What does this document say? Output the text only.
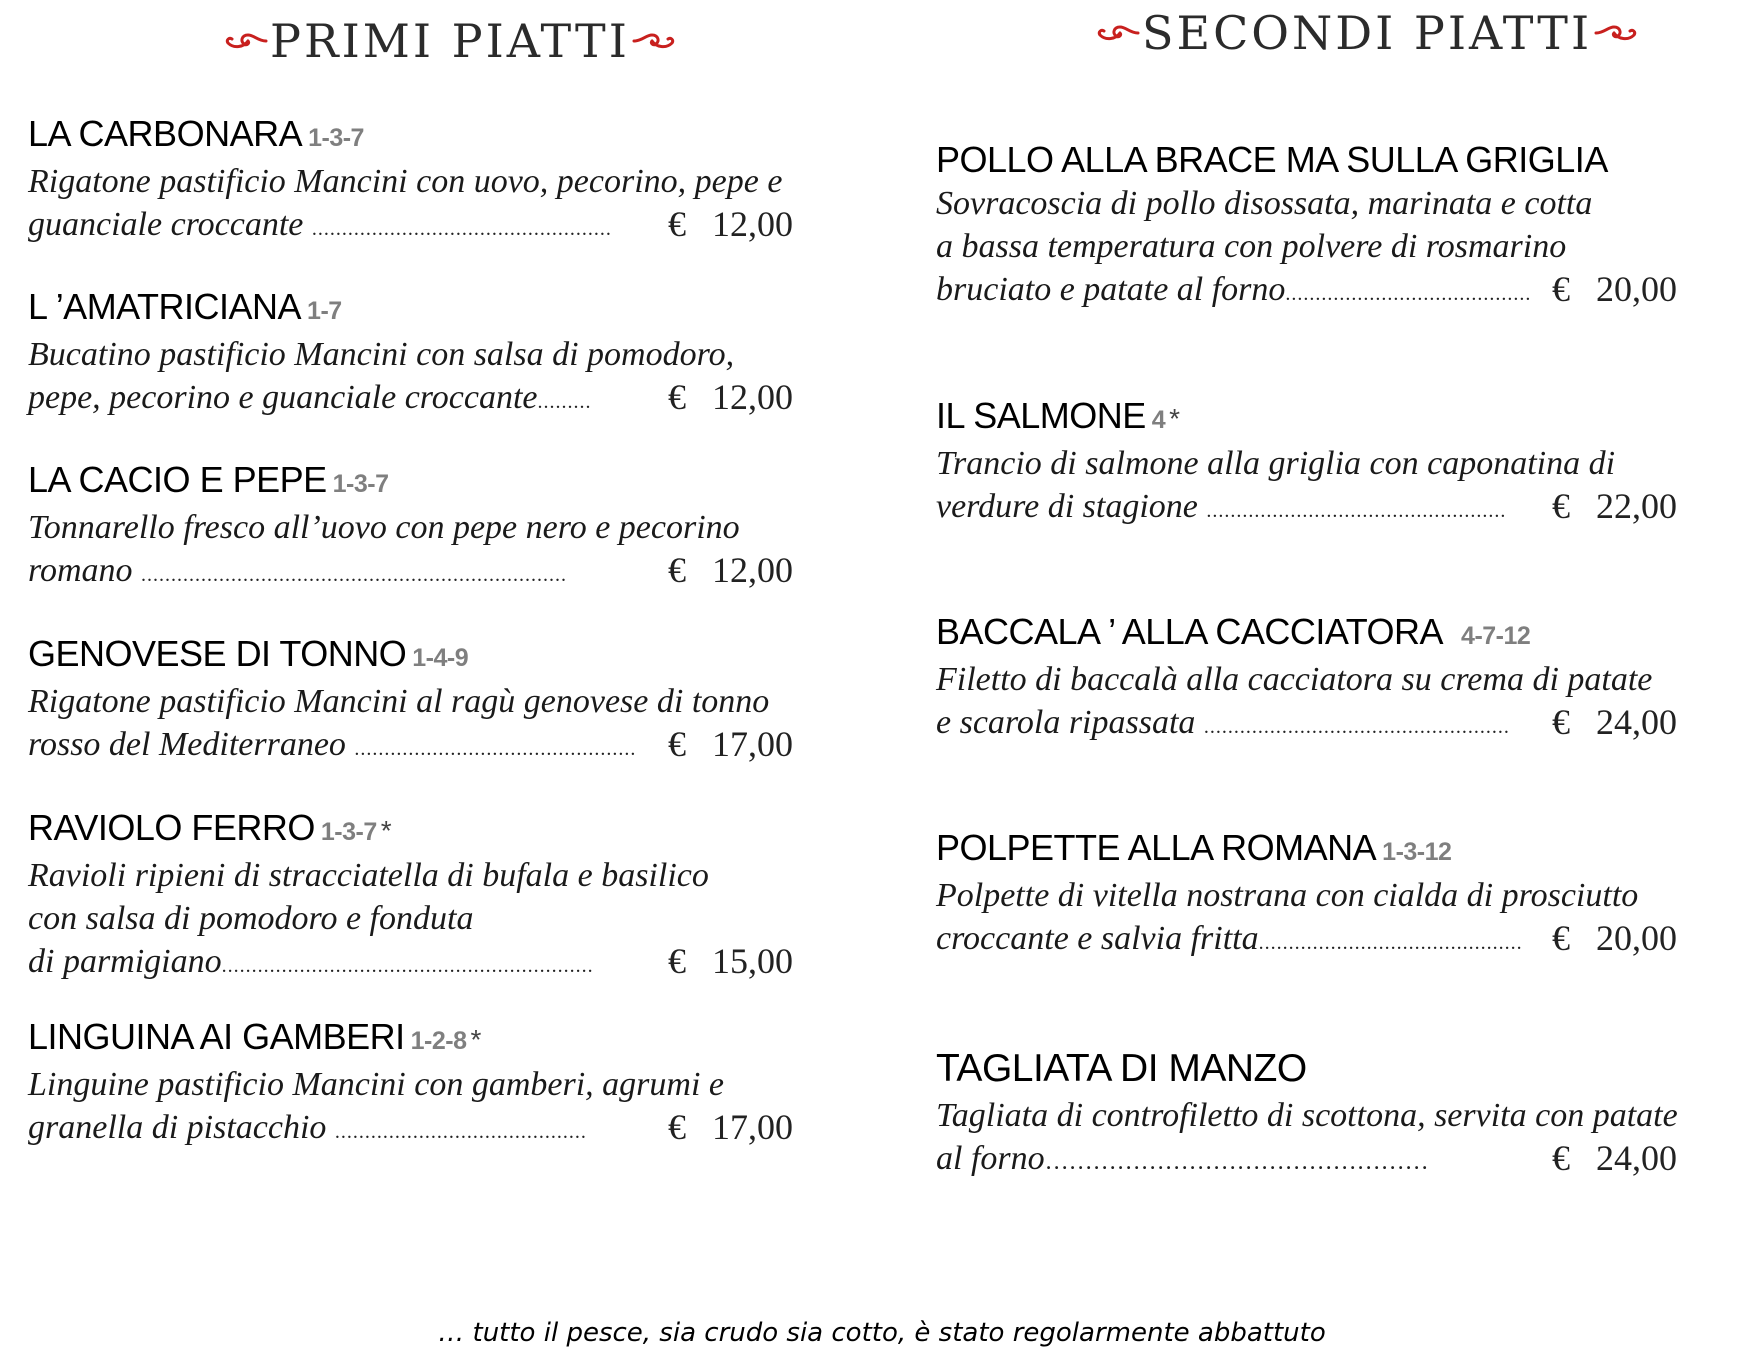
PRIMI PIATTI
LA CARBONARA 1-3-7
Rigatone pastificio Mancini con uovo, pecorino, pepe e
guanciale croccante .................................................. € 12,00
L ’AMATRICIANA 1-7
Bucatino pastificio Mancini con salsa di pomodoro,
pepe, pecorino e guanciale croccante......... € 12,00
LA CACIO E PEPE 1-3-7
Tonnarello fresco all’uovo con pepe nero e pecorino
romano .......................................................................	€ 12,00
GENOVESE DI TONNO 1-4-9
Rigatone pastificio Mancini al ragù genovese di tonno
rosso del Mediterraneo ............................................... € 17,00
RAVIOLO FERRO 1-3-7 *
Ravioli ripieni di stracciatella di bufala e basilico
con salsa di pomodoro e fonduta
di parmigiano.............................................................. € 15,00
LINGUINA AI GAMBERI 1-2-8 *
Linguine pastificio Mancini con gamberi, agrumi e
granella di pistacchio .......................................... € 17,00
SECONDI PIATTI
POLLO ALLA BRACE MA SULLA GRIGLIA
Sovracoscia di pollo disossata, marinata e cotta
a bassa temperatura con polvere di rosmarino
bruciato e patate al forno......................................... € 20,00
IL SALMONE 4 *
Trancio di salmone alla griglia con caponatina di
verdure di stagione .................................................. € 22,00
BACCALA ’ ALLA CACCIATORA 4-7-12
Filetto di baccalà alla cacciatora su crema di patate
e scarola ripassata ................................................... € 24,00
POLPETTE ALLA ROMANA 1-3-12
Polpette di vitella nostrana con cialda di prosciutto
croccante e salvia fritta............................................ € 20,00
TAGLIATA DI MANZO
Tagliata di controfiletto di scottona, servita con patate
al forno…………………………………………	€ 24,00
… tutto il pesce, sia crudo sia cotto, è stato regolarmente abbattuto
